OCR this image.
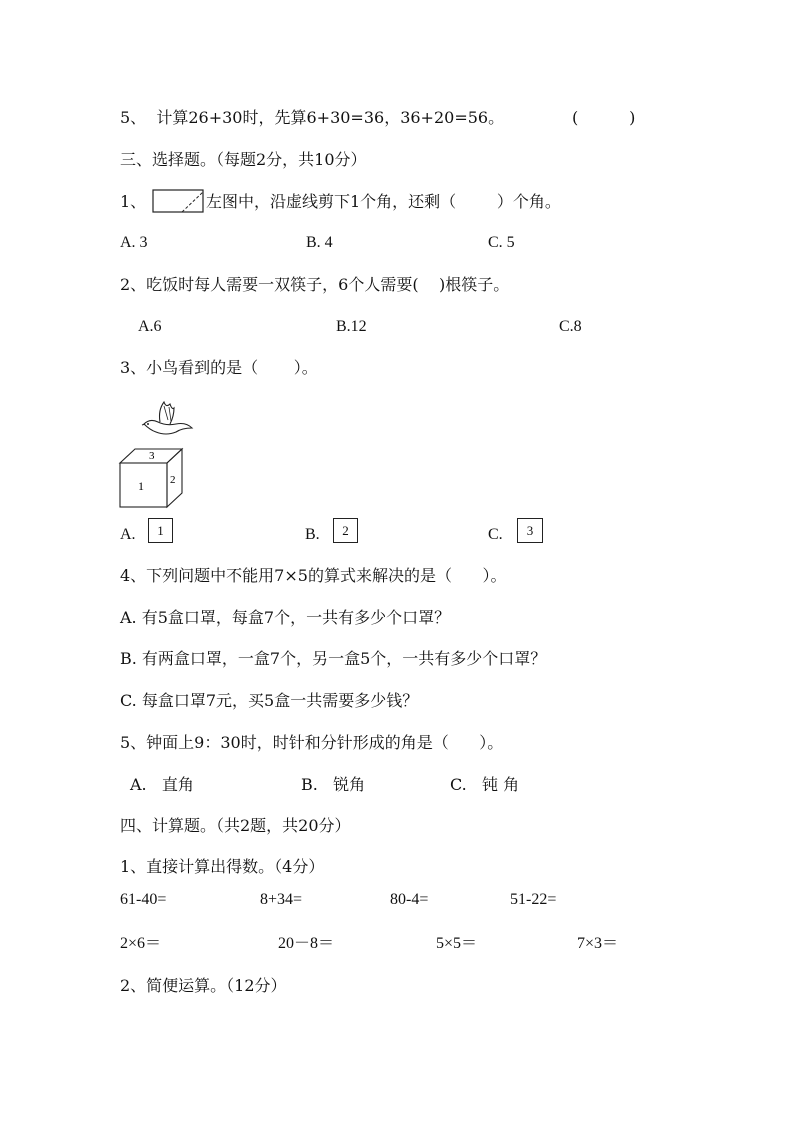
5、  计算26+30时，先算6+30=36，36+20=56。	(          )
三、选择题。（每题2分，共10分）
1、	左图中，沿虚线剪下1个角，还剩（        ）个角。
A. 3	B. 4	C. 5
2、吃饭时每人需要一双筷子，6个人需要(    )根筷子。
A.6	B.12	C.8
3、小鸟看到的是（       ）。
3
1 2
A.	1	B.	2	C.	3
4、下列问题中不能用7×5的算式来解决的是（      ）。
A. 有5盒口罩，每盒7个，一共有多少个口罩？
B. 有两盒口罩，一盒7个，另一盒5个，一共有多少个口罩？
C. 每盒口罩7元，买5盒一共需要多少钱？
5、钟面上9：30时，时针和分针形成的角是（      ）。
A.   直角	B.   锐角	C.   钝 角
四、计算题。（共2题，共20分）
1、直接计算出得数。（4分）
61-40=	8+34=	80-4=	51-22=
2×6＝	20－8＝	5×5＝	7×3＝
2、简便运算。（12分）
